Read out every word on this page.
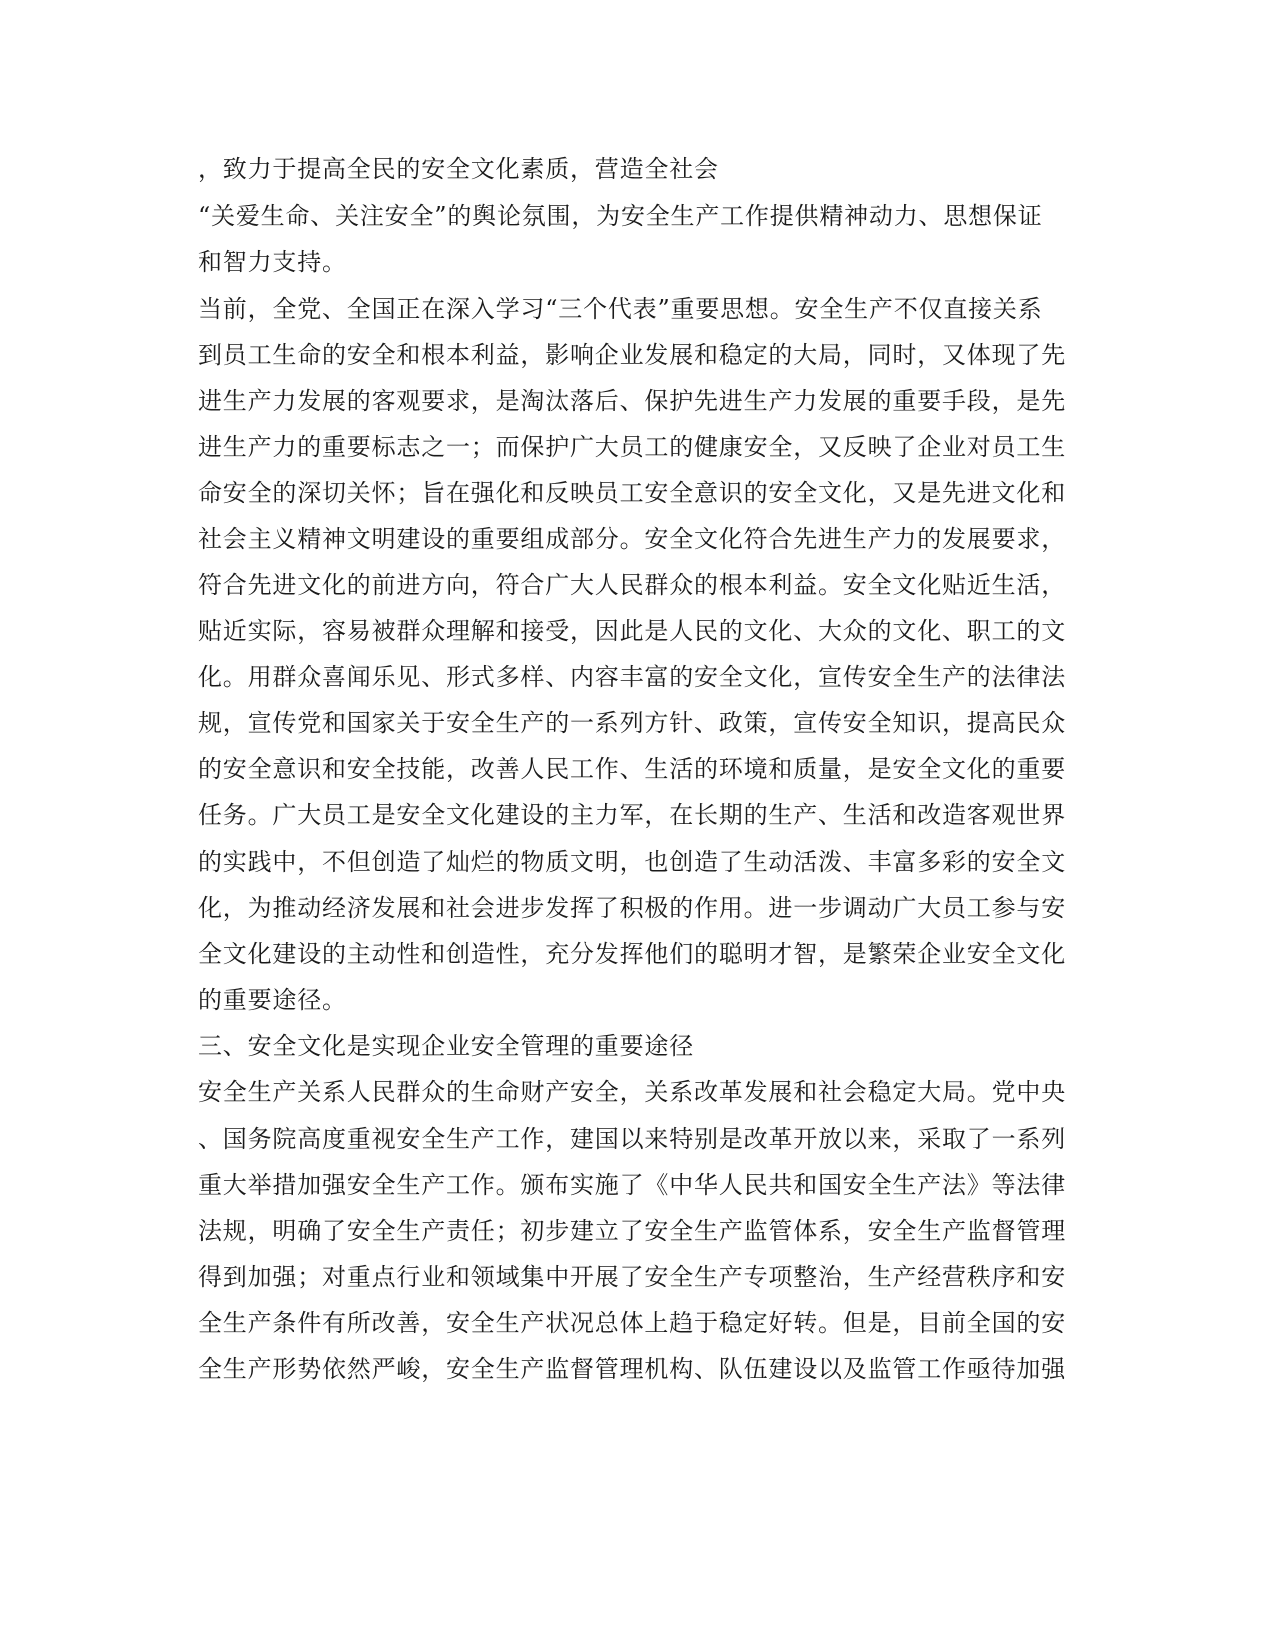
，致力于提高全民的安全文化素质，营造全社会
“关爱生命、关注安全”的舆论氛围，为安全生产工作提供精神动力、思想保证
和智力支持。
当前，全党、全国正在深入学习“三个代表”重要思想。安全生产不仅直接关系
到员工生命的安全和根本利益，影响企业发展和稳定的大局，同时，又体现了先
进生产力发展的客观要求，是淘汰落后、保护先进生产力发展的重要手段，是先
进生产力的重要标志之一；而保护广大员工的健康安全，又反映了企业对员工生
命安全的深切关怀；旨在强化和反映员工安全意识的安全文化，又是先进文化和
社会主义精神文明建设的重要组成部分。安全文化符合先进生产力的发展要求，
符合先进文化的前进方向，符合广大人民群众的根本利益。安全文化贴近生活，
贴近实际，容易被群众理解和接受，因此是人民的文化、大众的文化、职工的文
化。用群众喜闻乐见、形式多样、内容丰富的安全文化，宣传安全生产的法律法
规，宣传党和国家关于安全生产的一系列方针、政策，宣传安全知识，提高民众
的安全意识和安全技能，改善人民工作、生活的环境和质量，是安全文化的重要
任务。广大员工是安全文化建设的主力军，在长期的生产、生活和改造客观世界
的实践中，不但创造了灿烂的物质文明，也创造了生动活泼、丰富多彩的安全文
化，为推动经济发展和社会进步发挥了积极的作用。进一步调动广大员工参与安
全文化建设的主动性和创造性，充分发挥他们的聪明才智，是繁荣企业安全文化
的重要途径。
三、安全文化是实现企业安全管理的重要途径
安全生产关系人民群众的生命财产安全，关系改革发展和社会稳定大局。党中央
、国务院高度重视安全生产工作，建国以来特别是改革开放以来，采取了一系列
重大举措加强安全生产工作。颁布实施了《中华人民共和国安全生产法》等法律
法规，明确了安全生产责任；初步建立了安全生产监管体系，安全生产监督管理
得到加强；对重点行业和领域集中开展了安全生产专项整治，生产经营秩序和安
全生产条件有所改善，安全生产状况总体上趋于稳定好转。但是，目前全国的安
全生产形势依然严峻，安全生产监督管理机构、队伍建设以及监管工作亟待加强
